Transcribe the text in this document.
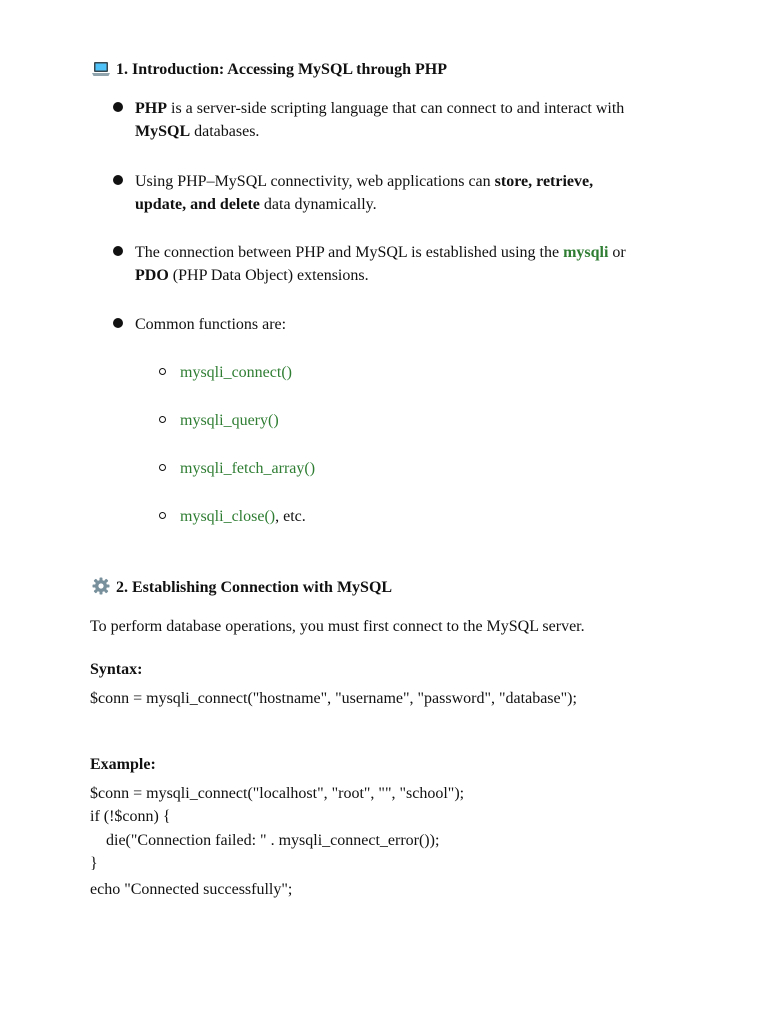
1. Introduction: Accessing MySQL through PHP
PHP is a server-side scripting language that can connect to and interact with
MySQL databases.
Using PHP–MySQL connectivity, web applications can store, retrieve,
update, and delete data dynamically.
The connection between PHP and MySQL is established using the mysqli or
PDO (PHP Data Object) extensions.
Common functions are:
mysqli_connect()
mysqli_query()
mysqli_fetch_array()
mysqli_close(), etc.
2. Establishing Connection with MySQL
To perform database operations, you must first connect to the MySQL server.
Syntax:
$conn = mysqli_connect("hostname", "username", "password", "database");
Example:
$conn = mysqli_connect("localhost", "root", "", "school");
if (!$conn) {
die("Connection failed: " . mysqli_connect_error());
}
echo "Connected successfully";
